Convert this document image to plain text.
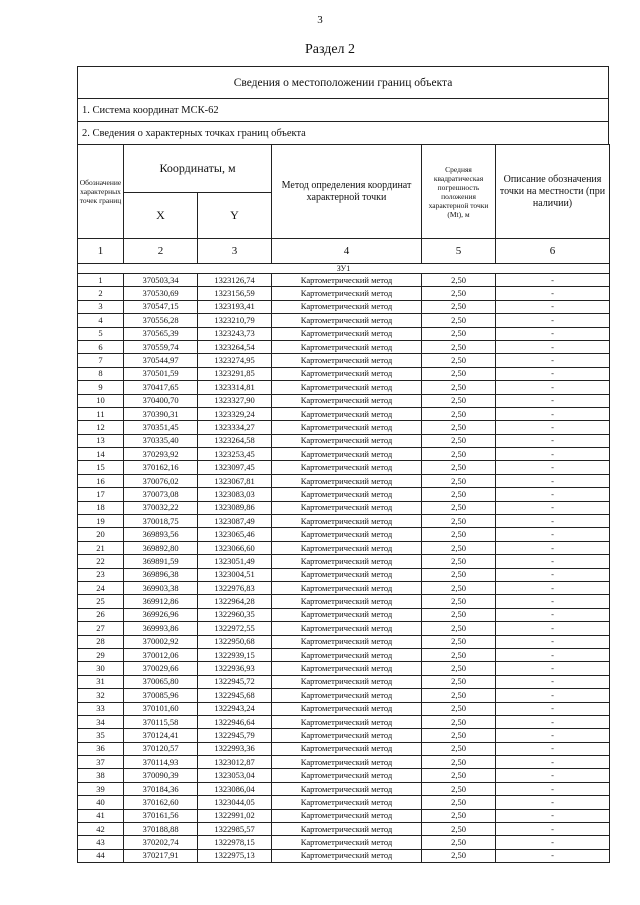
3
Раздел 2
Сведения о местоположении границ объекта
1. Система координат МСК-62
2. Сведения о характерных точках границ объекта
Обозначение характерных точек границ	Координаты, м		Метод определения координат характерной точки	Средняя квадратическая погрешность положения характерной точки (Mt), м	Описание обозначения точки на местности (при наличии)
	X	Y			
1	2	3	4	5	6
ЗУ1					
1	370503,34	1323126,74	Картометрический метод	2,50	-
2	370530,69	1323156,59	Картометрический метод	2,50	-
3	370547,15	1323193,41	Картометрический метод	2,50	-
4	370556,28	1323210,79	Картометрический метод	2,50	-
5	370565,39	1323243,73	Картометрический метод	2,50	-
6	370559,74	1323264,54	Картометрический метод	2,50	-
7	370544,97	1323274,95	Картометрический метод	2,50	-
8	370501,59	1323291,85	Картометрический метод	2,50	-
9	370417,65	1323314,81	Картометрический метод	2,50	-
10	370400,70	1323327,90	Картометрический метод	2,50	-
11	370390,31	1323329,24	Картометрический метод	2,50	-
12	370351,45	1323334,27	Картометрический метод	2,50	-
13	370335,40	1323264,58	Картометрический метод	2,50	-
14	370293,92	1323253,45	Картометрический метод	2,50	-
15	370162,16	1323097,45	Картометрический метод	2,50	-
16	370076,02	1323067,81	Картометрический метод	2,50	-
17	370073,08	1323083,03	Картометрический метод	2,50	-
18	370032,22	1323089,86	Картометрический метод	2,50	-
19	370018,75	1323087,49	Картометрический метод	2,50	-
20	369893,56	1323065,46	Картометрический метод	2,50	-
21	369892,80	1323066,60	Картометрический метод	2,50	-
22	369891,59	1323051,49	Картометрический метод	2,50	-
23	369896,38	1323004,51	Картометрический метод	2,50	-
24	369903,38	1322976,83	Картометрический метод	2,50	-
25	369912,86	1322964,28	Картометрический метод	2,50	-
26	369926,96	1322960,35	Картометрический метод	2,50	-
27	369993,86	1322972,55	Картометрический метод	2,50	-
28	370002,92	1322950,68	Картометрический метод	2,50	-
29	370012,06	1322939,15	Картометрический метод	2,50	-
30	370029,66	1322936,93	Картометрический метод	2,50	-
31	370065,80	1322945,72	Картометрический метод	2,50	-
32	370085,96	1322945,68	Картометрический метод	2,50	-
33	370101,60	1322943,24	Картометрический метод	2,50	-
34	370115,58	1322946,64	Картометрический метод	2,50	-
35	370124,41	1322945,79	Картометрический метод	2,50	-
36	370120,57	1322993,36	Картометрический метод	2,50	-
37	370114,93	1323012,87	Картометрический метод	2,50	-
38	370090,39	1323053,04	Картометрический метод	2,50	-
39	370184,36	1323086,04	Картометрический метод	2,50	-
40	370162,60	1323044,05	Картометрический метод	2,50	-
41	370161,56	1322991,02	Картометрический метод	2,50	-
42	370188,88	1322985,57	Картометрический метод	2,50	-
43	370202,74	1322978,15	Картометрический метод	2,50	-
44	370217,91	1322975,13	Картометрический метод	2,50	-
